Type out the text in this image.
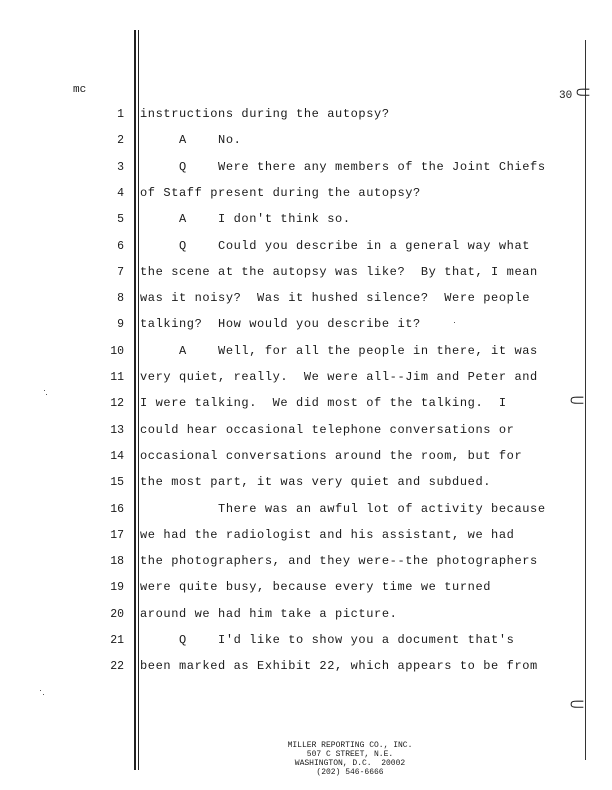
mc	30 ⸦
⸦
⸦
1 instructions during the autopsy?
2 A    No.
3 Q    Were there any members of the Joint Chiefs
4 of Staff present during the autopsy?
5 A    I don't think so.
6 Q    Could you describe in a general way what
7 the scene at the autopsy was like?  By that, I mean
8 was it noisy?  Was it hushed silence?  Were people
9 talking?  How would you describe it?
10 A    Well, for all the people in there, it was
11 very quiet, really.  We were all--Jim and Peter and
12 I were talking.  We did most of the talking.  I
13 could hear occasional telephone conversations or
14 occasional conversations around the room, but for
15 the most part, it was very quiet and subdued.
16 There was an awful lot of activity because
17 we had the radiologist and his assistant, we had
18 the photographers, and they were--the photographers
19 were quite busy, because every time we turned
20 around we had him take a picture.
21 Q    I'd like to show you a document that's
22 been marked as Exhibit 22, which appears to be from
MILLER REPORTING CO., INC.
507 C STREET, N.E.
WASHINGTON, D.C.  20002
(202) 546-6666
